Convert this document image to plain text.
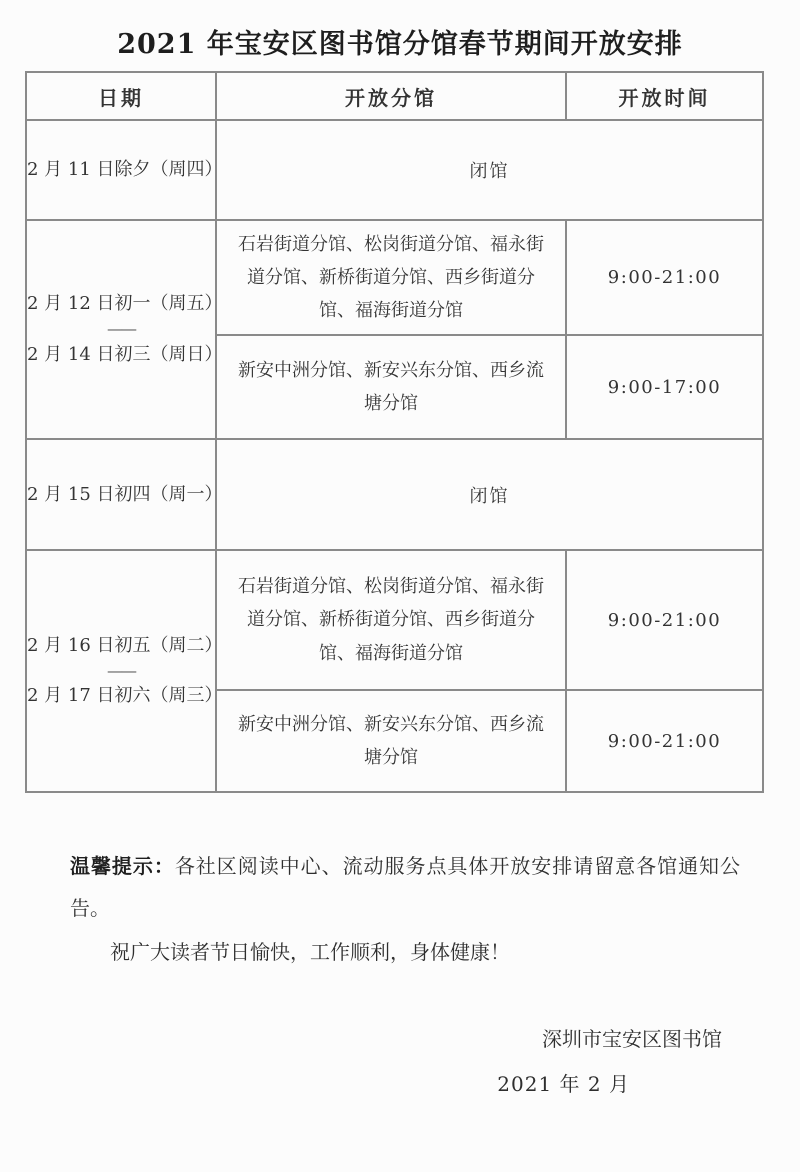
2021 年宝安区图书馆分馆春节期间开放安排
日期	开放分馆	开放时间
2 月 11 日除夕（周四）	闭馆	
2 月 12 日初一（周五）
——
2 月 14 日初三（周日）	石岩街道分馆、松岗街道分馆、福永街道分馆、新桥街道分馆、西乡街道分馆、福海街道分馆	9:00-21:00
	新安中洲分馆、新安兴东分馆、西乡流塘分馆	9:00-17:00
2 月 15 日初四（周一）	闭馆	
2 月 16 日初五（周二）
——
2 月 17 日初六（周三）	石岩街道分馆、松岗街道分馆、福永街道分馆、新桥街道分馆、西乡街道分馆、福海街道分馆	9:00-21:00
	新安中洲分馆、新安兴东分馆、西乡流塘分馆	9:00-21:00

温馨提示：各社区阅读中心、流动服务点具体开放安排请留意各馆通知公告。

祝广大读者节日愉快，工作顺利，身体健康！

深圳市宝安区图书馆
2021 年 2 月
